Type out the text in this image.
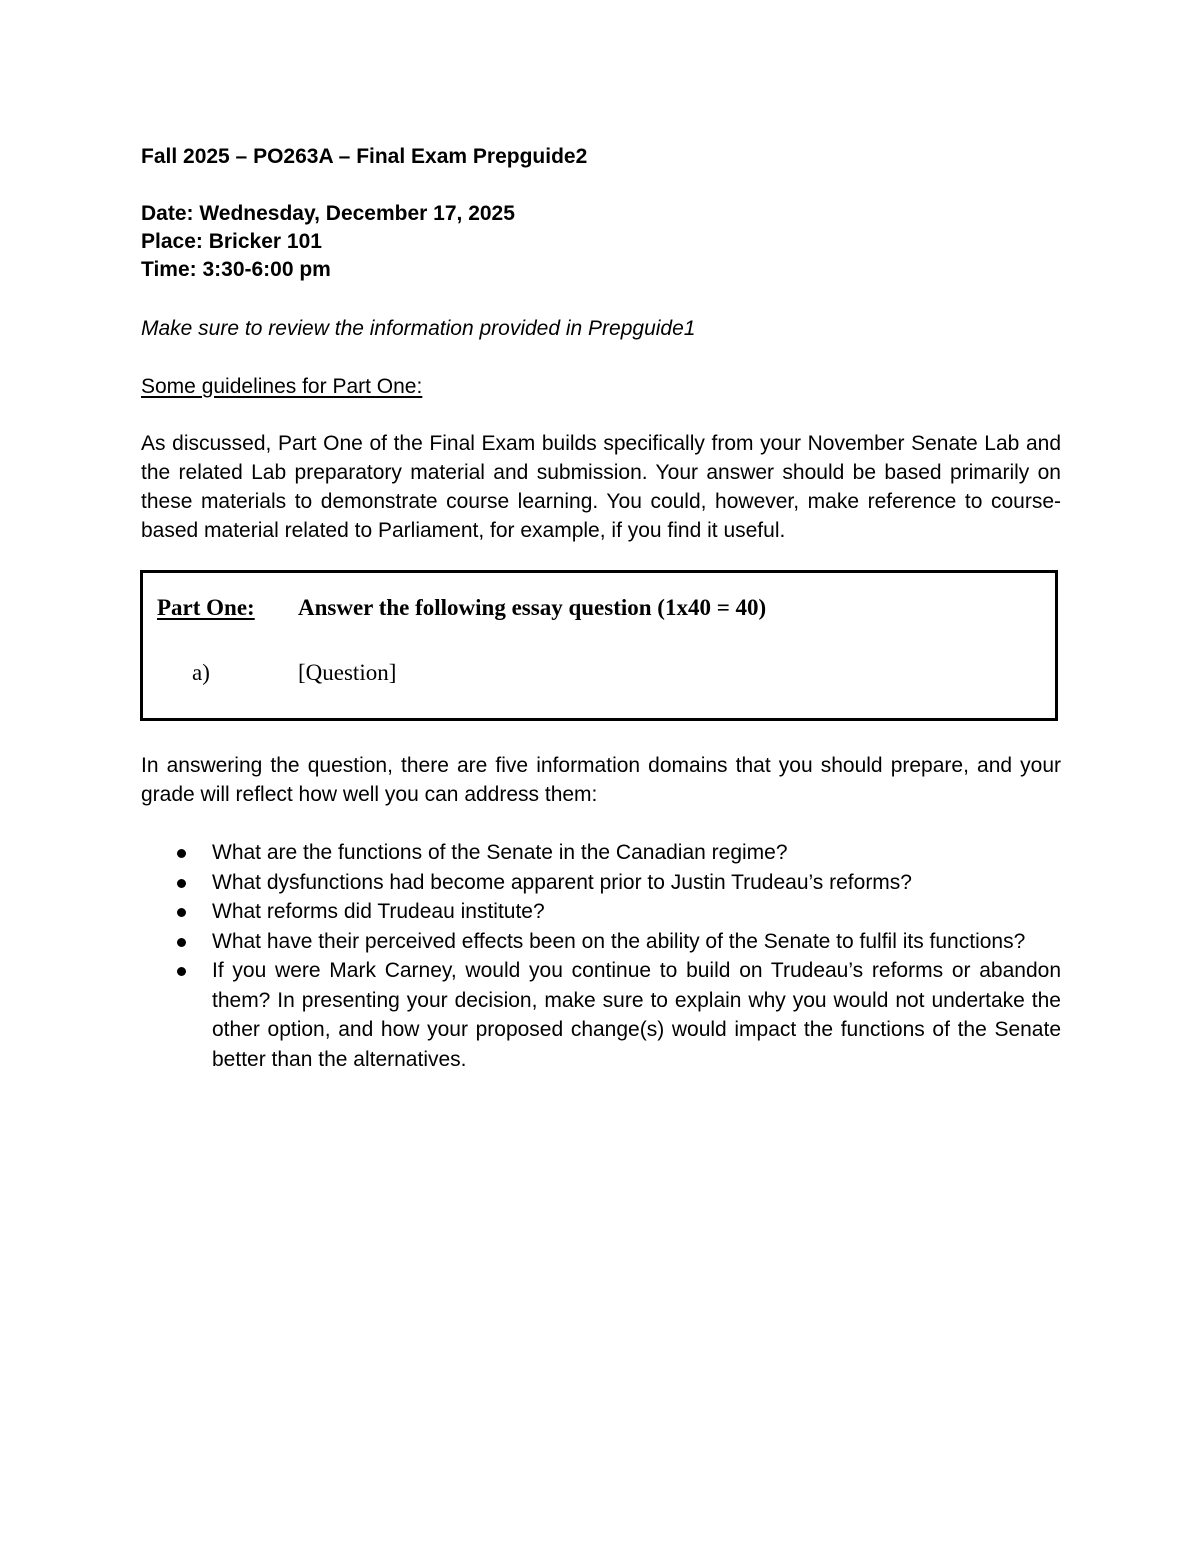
Fall 2025 – PO263A – Final Exam Prepguide2
Date: Wednesday, December 17, 2025
Place: Bricker 101
Time: 3:30-6:00 pm
Make sure to review the information provided in Prepguide1
Some guidelines for Part One:

As discussed, Part One of the Final Exam builds specifically from your November Senate Lab and the related Lab preparatory material and submission. Your answer should be based primarily on these materials to demonstrate course learning. You could, however, make reference to course-based material related to Parliament, for example, if you find it useful.

Part One: Answer the following essay question (1x40 = 40)
a)	[Question]

In answering the question, there are five information domains that you should prepare, and your grade will reflect how well you can address them:

What are the functions of the Senate in the Canadian regime?
What dysfunctions had become apparent prior to Justin Trudeau’s reforms?
What reforms did Trudeau institute?
What have their perceived effects been on the ability of the Senate to fulfil its functions?
If you were Mark Carney, would you continue to build on Trudeau’s reforms or abandon them? In presenting your decision, make sure to explain why you would not undertake the other option, and how your proposed change(s) would impact the functions of the Senate better than the alternatives.
